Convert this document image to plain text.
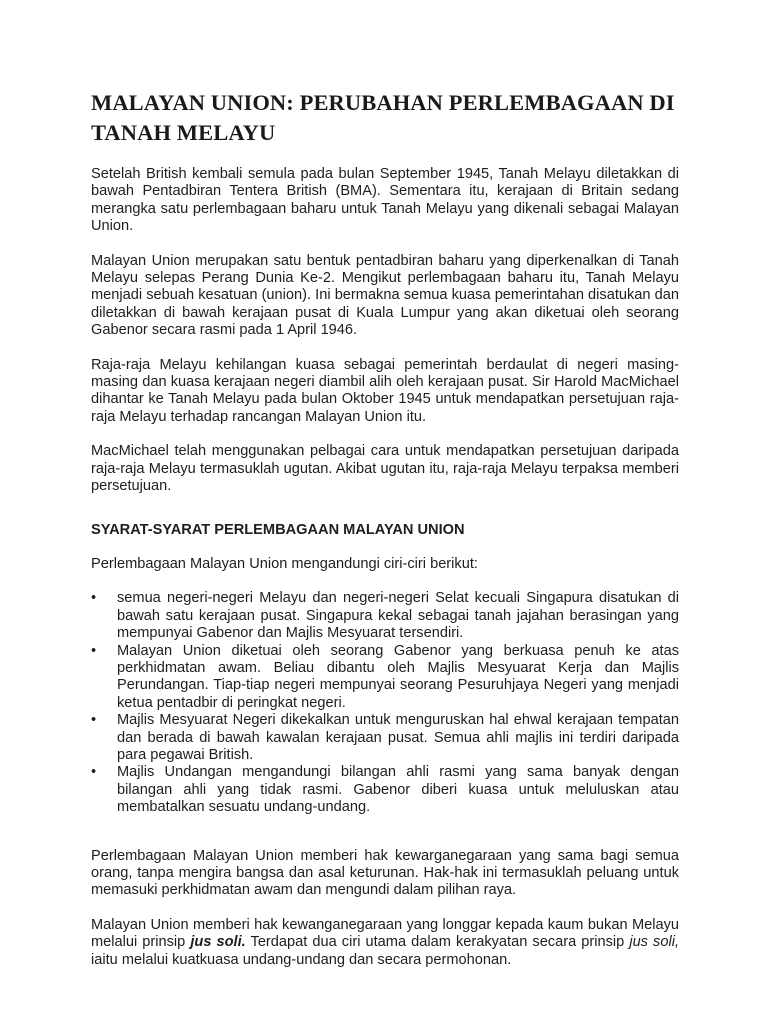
MALAYAN UNION: PERUBAHAN PERLEMBAGAAN DI TANAH MELAYU

Setelah British kembali semula pada bulan September 1945, Tanah Melayu diletakkan di bawah Pentadbiran Tentera British (BMA). Sementara itu, kerajaan di Britain sedang merangka satu perlembagaan baharu untuk Tanah Melayu yang dikenali sebagai Malayan Union.

Malayan Union merupakan satu bentuk pentadbiran baharu yang diperkenalkan di Tanah Melayu selepas Perang Dunia Ke-2. Mengikut perlembagaan baharu itu, Tanah Melayu menjadi sebuah kesatuan (union). Ini bermakna semua kuasa pemerintahan disatukan dan diletakkan di bawah kerajaan pusat di Kuala Lumpur yang akan diketuai oleh seorang Gabenor secara rasmi pada 1 April 1946.

Raja-raja Melayu kehilangan kuasa sebagai pemerintah berdaulat di negeri masing-masing dan kuasa kerajaan negeri diambil alih oleh kerajaan pusat. Sir Harold MacMichael dihantar ke Tanah Melayu pada bulan Oktober 1945 untuk mendapatkan persetujuan raja-raja Melayu terhadap rancangan Malayan Union itu.

MacMichael telah menggunakan pelbagai cara untuk mendapatkan persetujuan daripada raja-raja Melayu termasuklah ugutan. Akibat ugutan itu, raja-raja Melayu terpaksa memberi persetujuan.

SYARAT-SYARAT PERLEMBAGAAN MALAYAN UNION

Perlembagaan Malayan Union mengandungi ciri-ciri berikut:

• semua negeri-negeri Melayu dan negeri-negeri Selat kecuali Singapura disatukan di bawah satu kerajaan pusat. Singapura kekal sebagai tanah jajahan berasingan yang mempunyai Gabenor dan Majlis Mesyuarat tersendiri.
• Malayan Union diketuai oleh seorang Gabenor yang berkuasa penuh ke atas perkhidmatan awam. Beliau dibantu oleh Majlis Mesyuarat Kerja dan Majlis Perundangan. Tiap-tiap negeri mempunyai seorang Pesuruhjaya Negeri yang menjadi ketua pentadbir di peringkat negeri.
• Majlis Mesyuarat Negeri dikekalkan untuk menguruskan hal ehwal kerajaan tempatan dan berada di bawah kawalan kerajaan pusat. Semua ahli majlis ini terdiri daripada para pegawai British.
• Majlis Undangan mengandungi bilangan ahli rasmi yang sama banyak dengan bilangan ahli yang tidak rasmi. Gabenor diberi kuasa untuk meluluskan atau membatalkan sesuatu undang-undang.

Perlembagaan Malayan Union memberi hak kewarganegaraan yang sama bagi semua orang, tanpa mengira bangsa dan asal keturunan. Hak-hak ini termasuklah peluang untuk memasuki perkhidmatan awam dan mengundi dalam pilihan raya.

Malayan Union memberi hak kewanganegaraan yang longgar kepada kaum bukan Melayu melalui prinsip jus soli. Terdapat dua ciri utama dalam kerakyatan secara prinsip jus soli, iaitu melalui kuatkuasa undang-undang dan secara permohonan.
